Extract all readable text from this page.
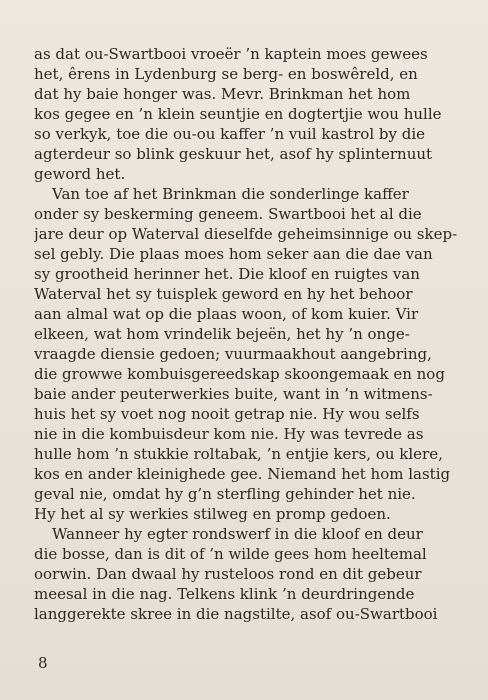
as dat ou-Swartbooi vroeër ’n kaptein moes gewees
het, êrens in Lydenburg se berg- en boswêreld, en
dat hy baie honger was. Mevr. Brinkman het hom
kos gegee en ’n klein seuntjie en dogtertjie wou hulle
so verkyk, toe die ou-ou kaffer ’n vuil kastrol by die
agterdeur so blink geskuur het, asof hy splinternuut
geword het.
Van toe af het Brinkman die sonderlinge kaffer
onder sy beskerming geneem. Swartbooi het al die
jare deur op Waterval dieselfde geheimsinnige ou skep-
sel gebly. Die plaas moes hom seker aan die dae van
sy grootheid herinner het. Die kloof en ruigtes van
Waterval het sy tuisplek geword en hy het behoor
aan almal wat op die plaas woon, of kom kuier. Vir
elkeen, wat hom vrindelik bejeën, het hy ’n onge-
vraagde diensie gedoen; vuurmaakhout aangebring,
die growwe kombuisgereedskap skoongemaak en nog
baie ander peuterwerkies buite, want in ’n witmens-
huis het sy voet nog nooit getrap nie. Hy wou selfs
nie in die kombuisdeur kom nie. Hy was tevrede as
hulle hom ’n stukkie roltabak, ’n entjie kers, ou klere,
kos en ander kleinighede gee. Niemand het hom lastig
geval nie, omdat hy g’n sterfling gehinder het nie.
Hy het al sy werkies stilweg en promp gedoen.
Wanneer hy egter rondswerf in die kloof en deur
die bosse, dan is dit of ’n wilde gees hom heeltemal
oorwin. Dan dwaal hy rusteloos rond en dit gebeur
meesal in die nag. Telkens klink ’n deurdringende
langgerekte skree in die nagstilte, asof ou-Swartbooi
8
